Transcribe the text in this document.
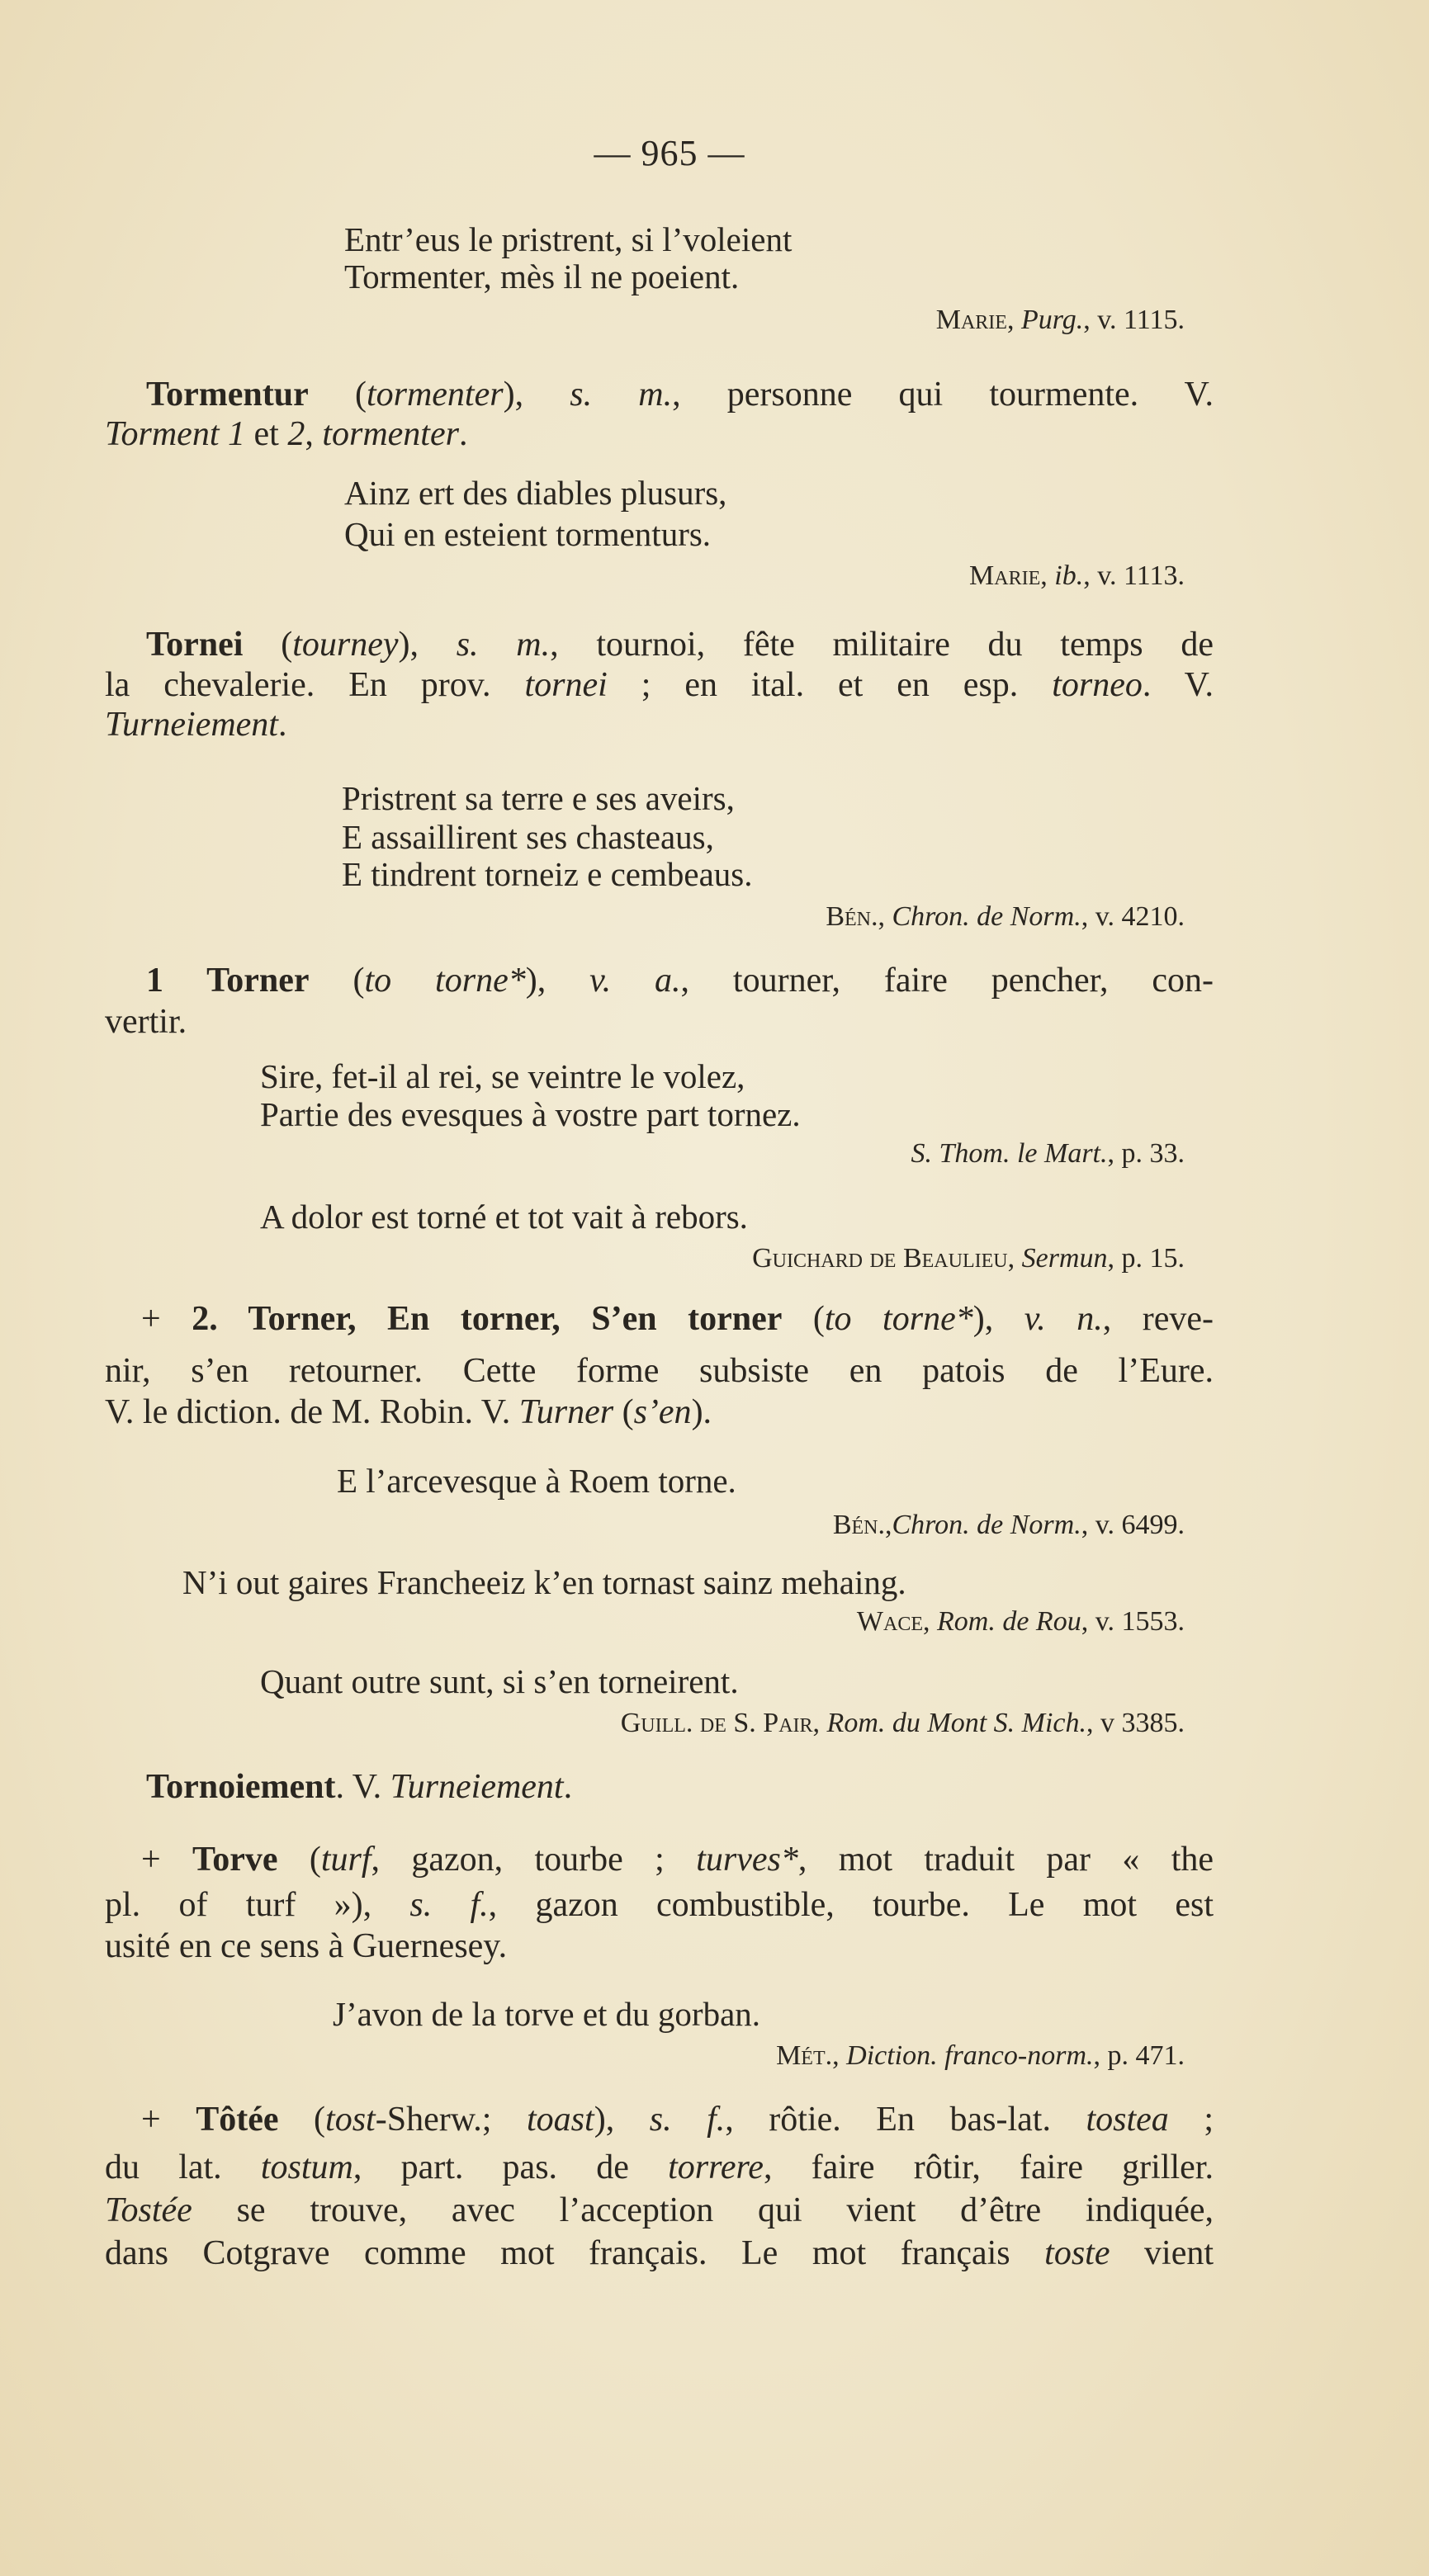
— 965 —
Entr’eus le pristrent, si l’voleient
Tormenter, mès il ne poeient.
Marie, Purg., v. 1115.
Tormentur (tormenter), s. m., personne qui tourmente. V.
Torment 1 et 2, tormenter.
Ainz ert des diables plusurs,
Qui en esteient tormenturs.
Marie, ib., v. 1113.
Tornei (tourney), s. m., tournoi, fête militaire du temps de
la chevalerie. En prov. tornei ; en ital. et en esp. torneo. V.
Turneiement.
Pristrent sa terre e ses aveirs,
E assaillirent ses chasteaus,
E tindrent torneiz e cembeaus.
Bén., Chron. de Norm., v. 4210.
1 Torner (to torne*), v. a., tourner, faire pencher, con-
vertir.
Sire, fet-il al rei, se veintre le volez,
Partie des evesques à vostre part tornez.
S. Thom. le Mart., p. 33.
A dolor est torné et tot vait à rebors.
Guichard de Beaulieu, Sermun, p. 15.
+ 2. Torner, En torner, S’en torner (to torne*), v. n., reve-
nir, s’en retourner. Cette forme subsiste en patois de l’Eure.
V. le diction. de M. Robin. V. Turner (s’en).
E l’arcevesque à Roem torne.
Bén.,Chron. de Norm., v. 6499.
N’i out gaires Francheeiz k’en tornast sainz mehaing.
Wace, Rom. de Rou, v. 1553.
Quant outre sunt, si s’en torneirent.
Guill. de S. Pair, Rom. du Mont S. Mich., v 3385.
Tornoiement. V. Turneiement.
+ Torve (turf, gazon, tourbe ; turves*, mot traduit par « the
pl. of turf »), s. f., gazon combustible, tourbe. Le mot est
usité en ce sens à Guernesey.
J’avon de la torve et du gorban.
Mét., Diction. franco-norm., p. 471.
+ Tôtée (tost-Sherw.; toast), s. f., rôtie. En bas-lat. tostea ;
du lat. tostum, part. pas. de torrere, faire rôtir, faire griller.
Tostée se trouve, avec l’acception qui vient d’être indiquée,
dans Cotgrave comme mot français. Le mot français toste vient
